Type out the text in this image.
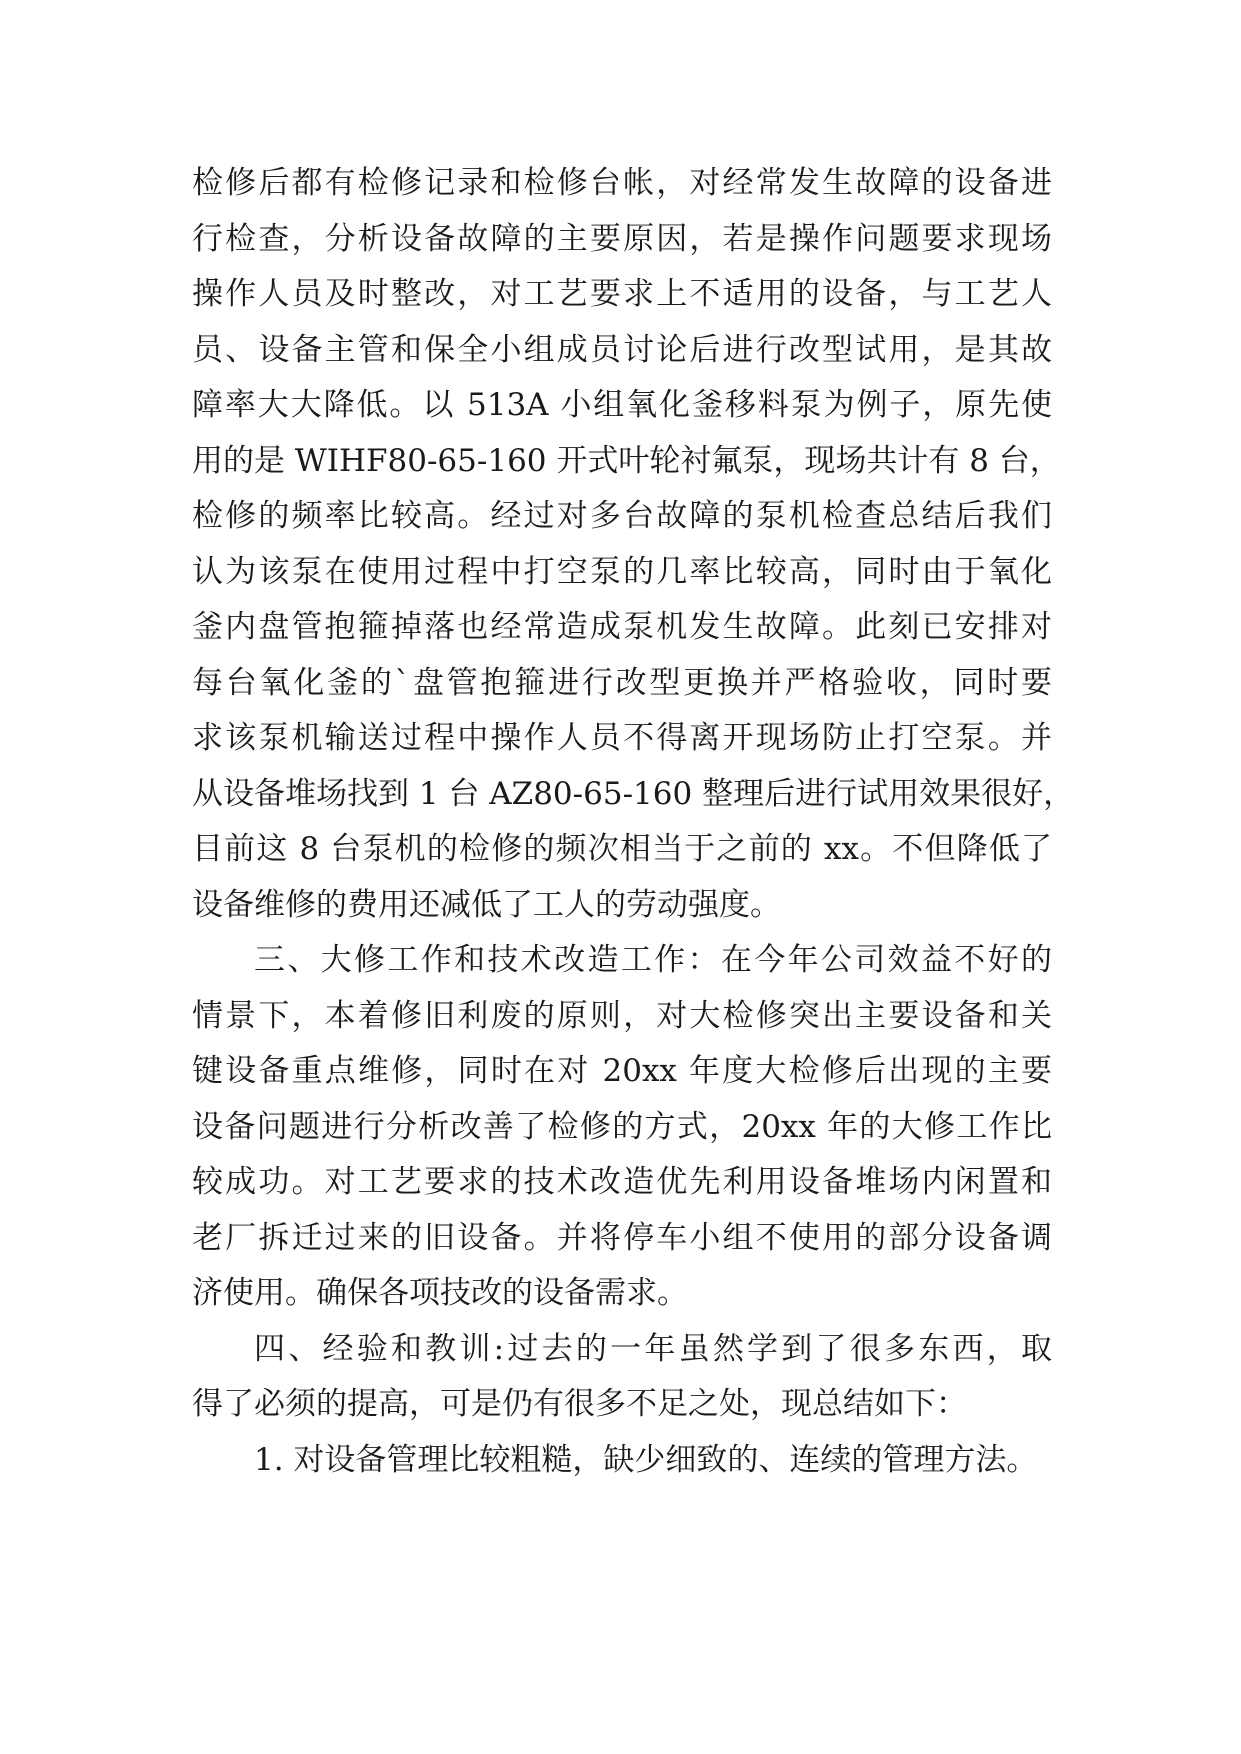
检修后都有检修记录和检修台帐，对经常发生故障的设备进
行检查，分析设备故障的主要原因，若是操作问题要求现场
操作人员及时整改，对工艺要求上不适用的设备，与工艺人
员、设备主管和保全小组成员讨论后进行改型试用，是其故
障率大大降低。以 513A 小组氧化釜移料泵为例子，原先使
用的是 WIHF80-65-160 开式叶轮衬氟泵，现场共计有 8 台，
检修的频率比较高。经过对多台故障的泵机检查总结后我们
认为该泵在使用过程中打空泵的几率比较高，同时由于氧化
釜内盘管抱箍掉落也经常造成泵机发生故障。此刻已安排对
每台氧化釜的`盘管抱箍进行改型更换并严格验收，同时要
求该泵机输送过程中操作人员不得离开现场防止打空泵。并
从设备堆场找到 1 台 AZ80-65-160 整理后进行试用效果很好，
目前这 8 台泵机的检修的频次相当于之前的 xx。不但降低了
设备维修的费用还减低了工人的劳动强度。
三、大修工作和技术改造工作：在今年公司效益不好的
情景下，本着修旧利废的原则，对大检修突出主要设备和关
键设备重点维修，同时在对 20xx 年度大检修后出现的主要
设备问题进行分析改善了检修的方式，20xx 年的大修工作比
较成功。对工艺要求的技术改造优先利用设备堆场内闲置和
老厂拆迁过来的旧设备。并将停车小组不使用的部分设备调
济使用。确保各项技改的设备需求。
四、经验和教训:过去的一年虽然学到了很多东西，取
得了必须的提高，可是仍有很多不足之处，现总结如下：
1. 对设备管理比较粗糙，缺少细致的、连续的管理方法。
